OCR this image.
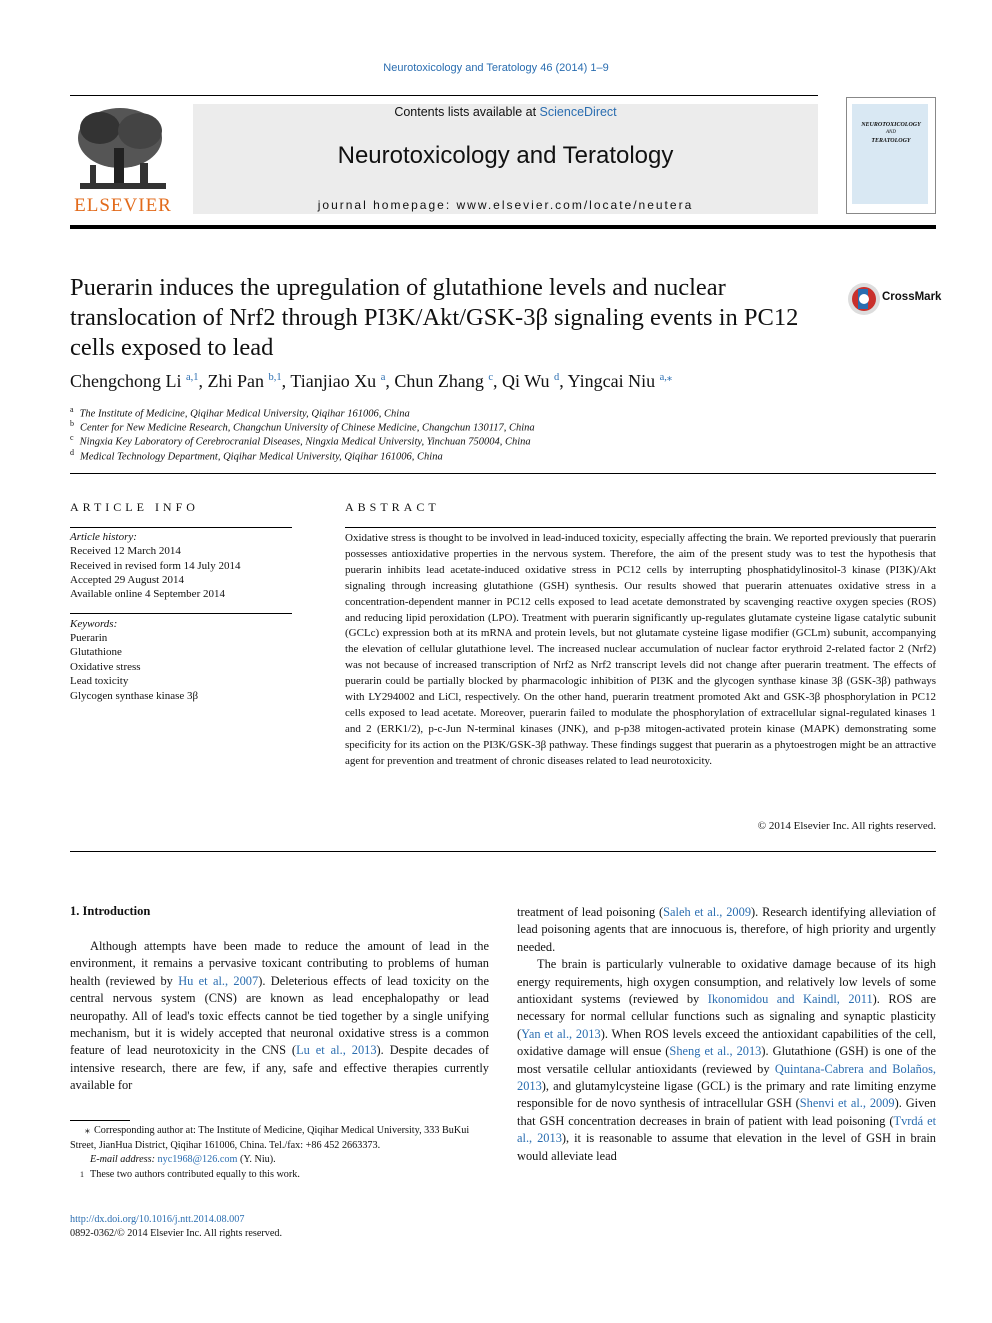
Neurotoxicology and Teratology 46 (2014) 1–9
Contents lists available at ScienceDirect
Neurotoxicology and Teratology
journal homepage: www.elsevier.com/locate/neutera
ELSEVIER
NEUROTOXICOLOGY
AND
TERATOLOGY
Puerarin induces the upregulation of glutathione levels and nuclear
translocation of Nrf2 through PI3K/Akt/GSK-3β signaling events in PC12
cells exposed to lead
CrossMark
Chengchong Li $^{a,1}$, Zhi Pan $^{b,1}$, Tianjiao Xu $^a$, Chun Zhang $^c$, Qi Wu $^d$, Yingcai Niu $^{a,⁎}$
$^a$ The Institute of Medicine, Qiqihar Medical University, Qiqihar 161006, China
$^b$ Center for New Medicine Research, Changchun University of Chinese Medicine, Changchun 130117, China
$^c$ Ningxia Key Laboratory of Cerebrocranial Diseases, Ningxia Medical University, Yinchuan 750004, China
$^d$ Medical Technology Department, Qiqihar Medical University, Qiqihar 161006, China
ARTICLE INFO
Article history:
Received 12 March 2014
Received in revised form 14 July 2014
Accepted 29 August 2014
Available online 4 September 2014
Keywords:
Puerarin
Glutathione
Oxidative stress
Lead toxicity
Glycogen synthase kinase 3β
ABSTRACT
Oxidative stress is thought to be involved in lead-induced toxicity, especially affecting the brain. We reported previously that puerarin possesses antioxidative properties in the nervous system. Therefore, the aim of the present study was to test the hypothesis that puerarin inhibits lead acetate-induced oxidative stress in PC12 cells by interrupting phosphatidylinositol-3 kinase (PI3K)/Akt signaling through increasing glutathione (GSH) synthesis. Our results showed that puerarin attenuates oxidative stress in a concentration-dependent manner in PC12 cells exposed to lead acetate demonstrated by scavenging reactive oxygen species (ROS) and reducing lipid peroxidation (LPO). Treatment with puerarin significantly up-regulates glutamate cysteine ligase catalytic subunit (GCLc) expression both at its mRNA and protein levels, but not glutamate cysteine ligase modifier (GCLm) subunit, accompanying the elevation of cellular glutathione level. The increased nuclear accumulation of nuclear factor erythroid 2-related factor 2 (Nrf2) was not because of increased transcription of Nrf2 as Nrf2 transcript levels did not change after puerarin treatment. The effects of puerarin could be partially blocked by pharmacologic inhibition of PI3K and the glycogen synthase kinase 3β (GSK-3β) pathways with LY294002 and LiCl, respectively. On the other hand, puerarin treatment promoted Akt and GSK-3β phosphorylation in PC12 cells exposed to lead acetate. Moreover, puerarin failed to modulate the phosphorylation of extracellular signal-regulated kinases 1 and 2 (ERK1/2), p-c-Jun N-terminal kinases (JNK), and p-p38 mitogen-activated protein kinase (MAPK) demonstrating some specificity for its action on the PI3K/GSK-3β pathway. These findings suggest that puerarin as a phytoestrogen might be an attractive agent for prevention and treatment of chronic diseases related to lead neurotoxicity.
© 2014 Elsevier Inc. All rights reserved.
1. Introduction

Although attempts have been made to reduce the amount of lead in the environment, it remains a pervasive toxicant contributing to problems of human health (reviewed by Hu et al., 2007). Deleterious effects of lead toxicity on the central nervous system (CNS) are known as lead encephalopathy or lead neuropathy. All of lead's toxic effects cannot be tied together by a single unifying mechanism, but it is widely accepted that neuronal oxidative stress is a common feature of lead neurotoxicity in the CNS (Lu et al., 2013). Despite decades of intensive research, there are few, if any, safe and effective therapies currently available for

treatment of lead poisoning (Saleh et al., 2009). Research identifying alleviation of lead poisoning agents that are innocuous is, therefore, of high priority and urgently needed.

The brain is particularly vulnerable to oxidative damage because of its high energy requirements, high oxygen consumption, and relatively low levels of some antioxidant systems (reviewed by Ikonomidou and Kaindl, 2011). ROS are necessary for normal cellular functions such as signaling and synaptic plasticity (Yan et al., 2013). When ROS levels exceed the antioxidant capabilities of the cell, oxidative damage will ensue (Sheng et al., 2013). Glutathione (GSH) is one of the most versatile cellular antioxidants (reviewed by Quintana-Cabrera and Bolaños, 2013), and glutamylcysteine ligase (GCL) is the primary and rate limiting enzyme responsible for de novo synthesis of intracellular GSH (Shenvi et al., 2009). Given that GSH concentration decreases in brain of patient with lead poisoning (Tvrdá et al., 2013), it is reasonable to assume that elevation in the level of GSH in brain would alleviate lead

⁎ Corresponding author at: The Institute of Medicine, Qiqihar Medical University, 333 BuKui Street, JianHua District, Qiqihar 161006, China. Tel./fax: +86 452 2663373.

E-mail address: nyc1968@126.com (Y. Niu).

1 These two authors contributed equally to this work.

http://dx.doi.org/10.1016/j.ntt.2014.08.007
0892-0362/© 2014 Elsevier Inc. All rights reserved.
